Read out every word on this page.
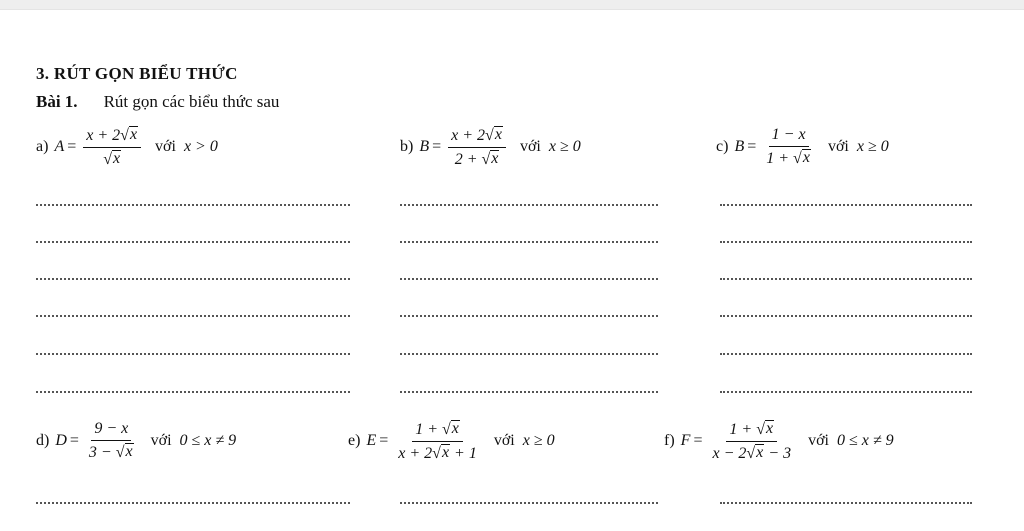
3. RÚT GỌN BIỂU THỨC
Bài 1. Rút gọn các biểu thức sau
a) $A = \frac{x + 2 √ x}{√ x}$ với x > 0	b) $B = \frac{x + 2 √ x}{2 + √ x}$ với x ≥ 0	c) $B = \frac{1 - x}{1 + √ x}$ với x ≥ 0
d) $D = \frac{9 - x}{3 - √ x}$ với 0 ≤ x ≠ 9	e) $E = \frac{1 + √ x}{x + 2 √ x + 1}$ với x ≥ 0	f) $F = \frac{1 + √ x}{x - 2 √ x - 3}$ với 0 ≤ x ≠ 9
